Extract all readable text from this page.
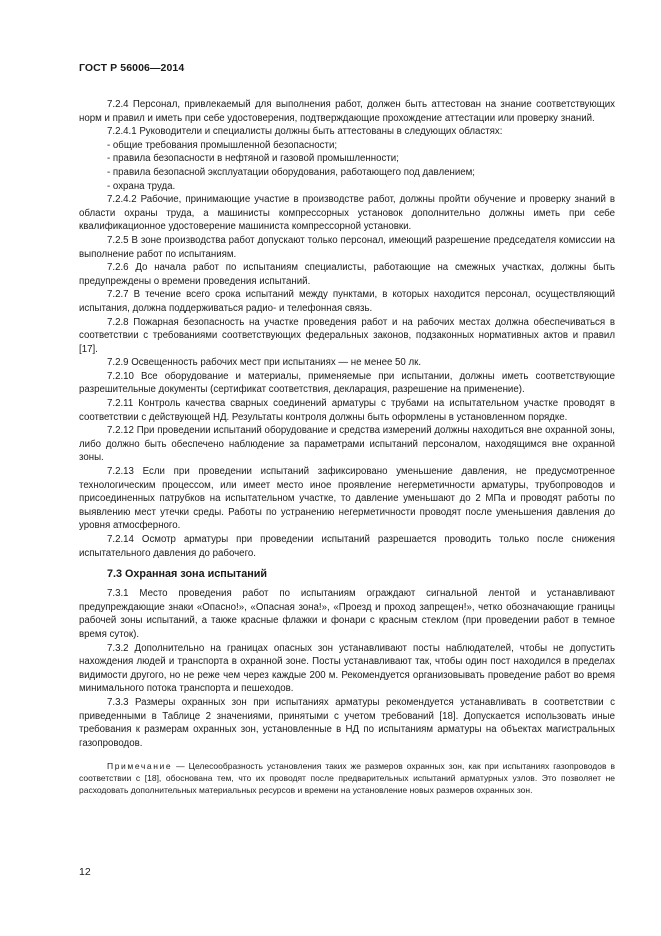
ГОСТ Р 56006—2014

7.2.4 Персонал, привлекаемый для выполнения работ, должен быть аттестован на знание соответствующих норм и правил и иметь при себе удостоверения, подтверждающие прохождение аттестации или проверку знаний.

7.2.4.1 Руководители и специалисты должны быть аттестованы в следующих областях:

- общие требования промышленной безопасности;

- правила безопасности в нефтяной и газовой промышленности;

- правила безопасной эксплуатации оборудования, работающего под давлением;

- охрана труда.

7.2.4.2 Рабочие, принимающие участие в производстве работ, должны пройти обучение и проверку знаний в области охраны труда, а машинисты компрессорных установок дополнительно должны иметь при себе квалификационное удостоверение машиниста компрессорной установки.

7.2.5 В зоне производства работ допускают только персонал, имеющий разрешение председателя комиссии на выполнение работ по испытаниям.

7.2.6 До начала работ по испытаниям специалисты, работающие на смежных участках, должны быть предупреждены о времени проведения испытаний.

7.2.7 В течение всего срока испытаний между пунктами, в которых находится персонал, осуществляющий испытания, должна поддерживаться радио- и телефонная связь.

7.2.8 Пожарная безопасность на участке проведения работ и на рабочих местах должна обеспечиваться в соответствии с требованиями соответствующих федеральных законов, подзаконных нормативных актов и правил [17].

7.2.9 Освещенность рабочих мест при испытаниях — не менее 50 лк.

7.2.10 Все оборудование и материалы, применяемые при испытании, должны иметь соответствующие разрешительные документы (сертификат соответствия, декларация, разрешение на применение).

7.2.11 Контроль качества сварных соединений арматуры с трубами на испытательном участке проводят в соответствии с действующей НД. Результаты контроля должны быть оформлены в установленном порядке.

7.2.12 При проведении испытаний оборудование и средства измерений должны находиться вне охранной зоны, либо должно быть обеспечено наблюдение за параметрами испытаний персоналом, находящимся вне охранной зоны.

7.2.13 Если при проведении испытаний зафиксировано уменьшение давления, не предусмотренное технологическим процессом, или имеет место иное проявление негерметичности арматуры, трубопроводов и присоединенных патрубков на испытательном участке, то давление уменьшают до 2 МПа и проводят работы по выявлению мест утечки среды. Работы по устранению негерметичности проводят после уменьшения давления до уровня атмосферного.

7.2.14 Осмотр арматуры при проведении испытаний разрешается проводить только после снижения испытательного давления до рабочего.

7.3 Охранная зона испытаний

7.3.1 Место проведения работ по испытаниям ограждают сигнальной лентой и устанавливают предупреждающие знаки «Опасно!», «Опасная зона!», «Проезд и проход запрещен!», четко обозначающие границы рабочей зоны испытаний, а также красные флажки и фонари с красным стеклом (при проведении работ в темное время суток).

7.3.2 Дополнительно на границах опасных зон устанавливают посты наблюдателей, чтобы не допустить нахождения людей и транспорта в охранной зоне. Посты устанавливают так, чтобы один пост находился в пределах видимости другого, но не реже чем через каждые 200 м. Рекомендуется организовывать проведение работ во время минимального потока транспорта и пешеходов.

7.3.3 Размеры охранных зон при испытаниях арматуры рекомендуется устанавливать в соответствии с приведенными в Таблице 2 значениями, принятыми с учетом требований [18]. Допускается использовать иные требования к размерам охранных зон, установленные в НД по испытаниям арматуры на объектах магистральных газопроводов.

Примечание — Целесообразность установления таких же размеров охранных зон, как при испытаниях газопроводов в соответствии с [18], обоснована тем, что их проводят после предварительных испытаний арматурных узлов. Это позволяет не расходовать дополнительных материальных ресурсов и времени на установление новых размеров охранных зон.

12
